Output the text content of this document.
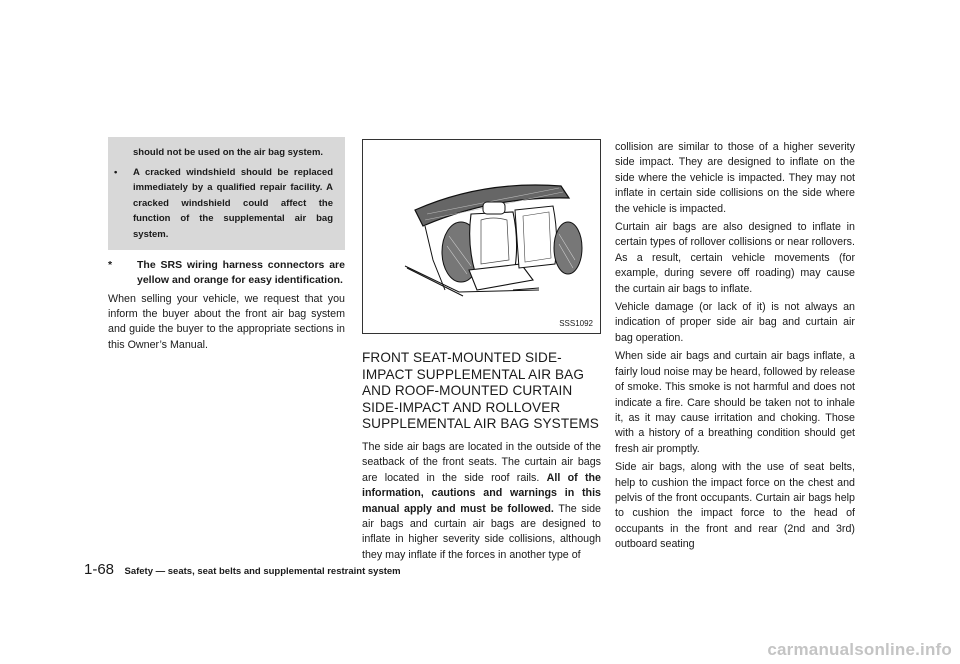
should not be used on the air bag system.
• A cracked windshield should be replaced immediately by a qualified repair facility. A cracked windshield could affect the function of the supplemental air bag system.
* The SRS wiring harness connectors are yellow and orange for easy identification.

When selling your vehicle, we request that you inform the buyer about the front air bag system and guide the buyer to the appropriate sections in this Owner’s Manual.

SSS1092
FRONT SEAT-MOUNTED SIDE-IMPACT SUPPLEMENTAL AIR BAG AND ROOF-MOUNTED CURTAIN SIDE-IMPACT AND ROLLOVER SUPPLEMENTAL AIR BAG SYSTEMS

The side air bags are located in the outside of the seatback of the front seats. The curtain air bags are located in the side roof rails. All of the information, cautions and warnings in this manual apply and must be followed. The side air bags and curtain air bags are designed to inflate in higher severity side collisions, although they may inflate if the forces in another type of

collision are similar to those of a higher severity side impact. They are designed to inflate on the side where the vehicle is impacted. They may not inflate in certain side collisions on the side where the vehicle is impacted.

Curtain air bags are also designed to inflate in certain types of rollover collisions or near rollovers. As a result, certain vehicle movements (for example, during severe off roading) may cause the curtain air bags to inflate.

Vehicle damage (or lack of it) is not always an indication of proper side air bag and curtain air bag operation.

When side air bags and curtain air bags inflate, a fairly loud noise may be heard, followed by release of smoke. This smoke is not harmful and does not indicate a fire. Care should be taken not to inhale it, as it may cause irritation and choking. Those with a history of a breathing condition should get fresh air promptly.

Side air bags, along with the use of seat belts, help to cushion the impact force on the chest and pelvis of the front occupants. Curtain air bags help to cushion the impact force to the head of occupants in the front and rear (2nd and 3rd) outboard seating

1-68 Safety — seats, seat belts and supplemental restraint system
carmanualsonline.info
